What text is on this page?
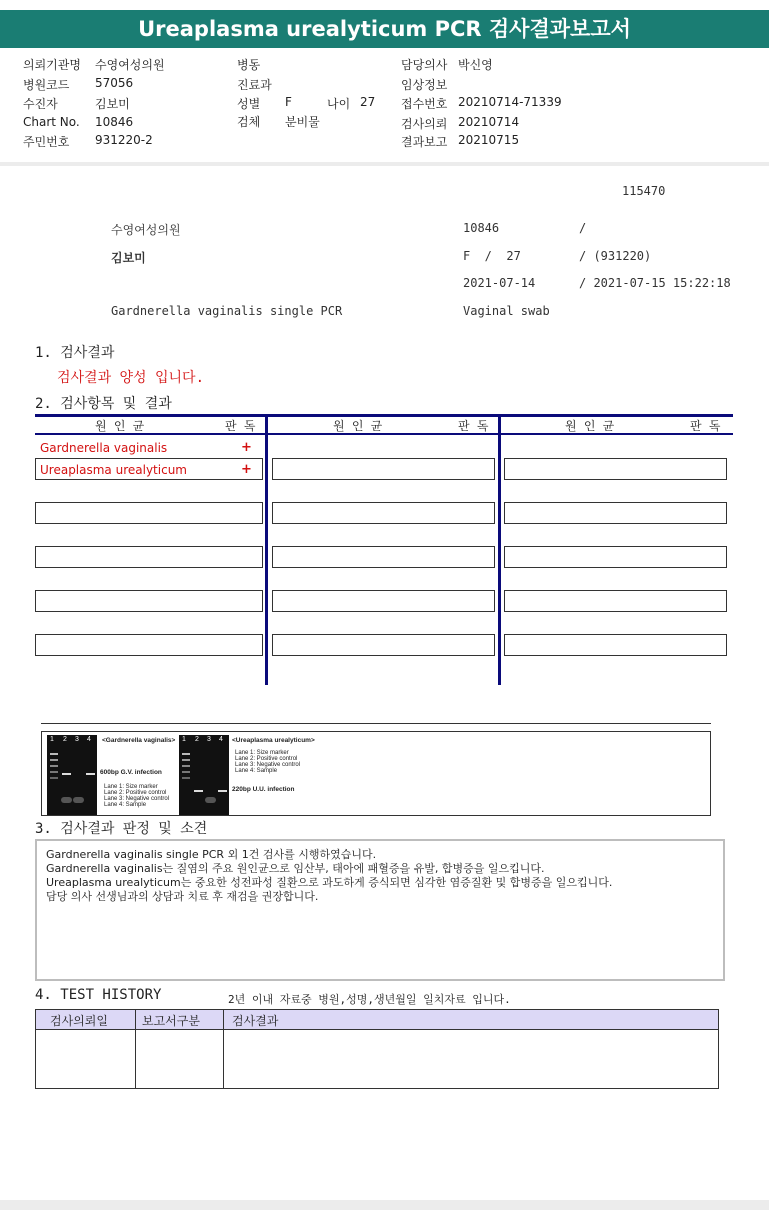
Ureaplasma urealyticum PCR 검사결과보고서
의뢰기관명 수영여성의원
병원코드 57056
수진자	김보미
Chart No. 10846
주민번호 931220-2
병동
진료과
성별 F	나이 27
검체 분비물
담당의사 박신영
임상정보
접수번호 20210714-71339
검사의뢰 20210714
결과보고 20210715
115470
수영여성의원	10846	/
김보미	F  /  27	/ (931220)
2021-07-14	/ 2021-07-15 15:22:18
Gardnerella vaginalis single PCR	Vaginal swab
1. 검사결과
검사결과 양성 입니다.
2. 검사항목 및 결과
원 인 균	판 독	원 인 균	판 독	원 인 균	판 독
Gardnerella vaginalis	+
Ureaplasma urealyticum	+
1 2 3 4 <Gardnerella vaginalis>
600bp G.V. infection
Lane 1: Size marker
Lane 2: Positive control
Lane 3: Negative control
Lane 4: Sample
1 2 3 4 <Ureaplasma urealyticum>
Lane 1: Size marker
Lane 2: Positive control
Lane 3: Negative control
Lane 4: Sample
220bp U.U. infection
3. 검사결과 판정 및 소견
Gardnerella vaginalis single PCR 외 1건 검사를 시행하였습니다.
Gardnerella vaginalis는 질염의 주요 원인균으로 임산부, 태아에 패혈증을 유발, 합병증을 일으킵니다.
Ureaplasma urealyticum는 중요한 성전파성 질환으로 과도하게 증식되면 심각한 염증질환 및 합병증을 일으킵니다.
담당 의사 선생님과의 상담과 치료 후 재검을 권장합니다.
4. TEST HISTORY	2년 이내 자료중 병원,성명,생년월일 일치자료 입니다.
검사의뢰일	보고서구분	검사결과
